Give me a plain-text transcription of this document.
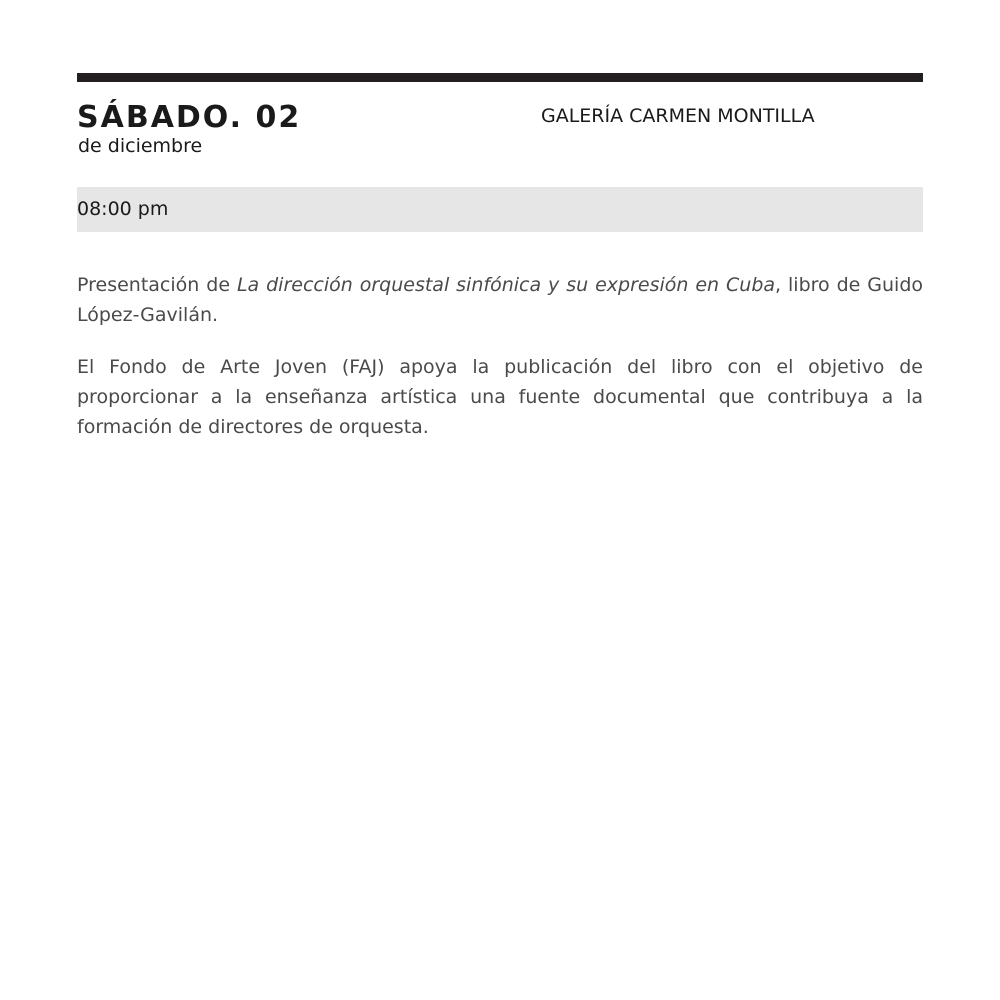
SÁBADO. 02
de diciembre
GALERÍA CARMEN MONTILLA
08:00 pm

Presentación de La dirección orquestal sinfónica y su expresión en Cuba, libro de Guido López-Gavilán.

El Fondo de Arte Joven (FAJ) apoya la publicación del libro con el objetivo de proporcionar a la enseñanza artística una fuente documental que contribuya a la formación de directores de orquesta.
